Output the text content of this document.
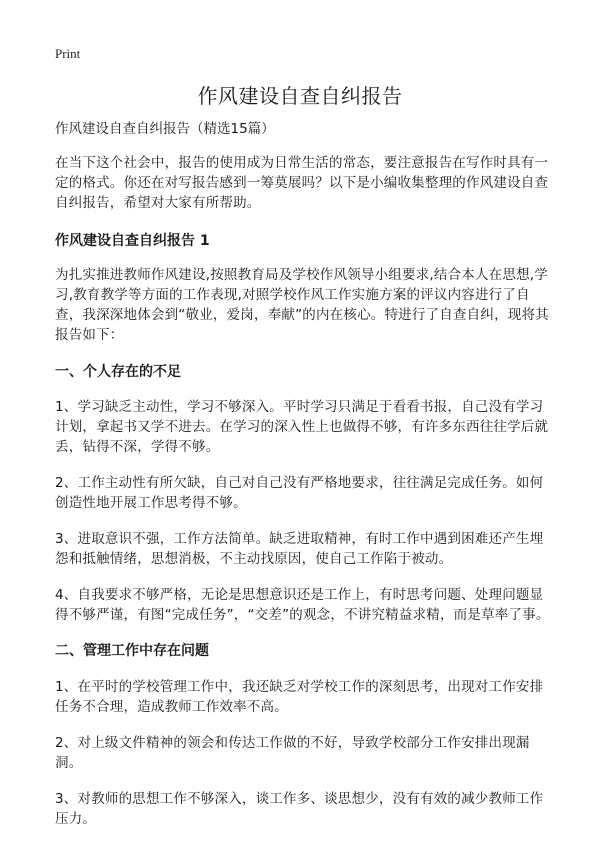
Print
作风建设自查自纠报告

作风建设自查自纠报告（精选15篇）

在当下这个社会中，报告的使用成为日常生活的常态，要注意报告在写作时具有一定的格式。你还在对写报告感到一筹莫展吗？以下是小编收集整理的作风建设自查自纠报告，希望对大家有所帮助。

作风建设自查自纠报告 1

为扎实推进教师作风建设,按照教育局及学校作风领导小组要求,结合本人在思想,学习,教育教学等方面的工作表现,对照学校作风工作实施方案的评议内容进行了自查，我深深地体会到“敬业，爱岗，奉献”的内在核心。特进行了自查自纠，现将其报告如下：

一、个人存在的不足

1、学习缺乏主动性，学习不够深入。平时学习只满足于看看书报，自己没有学习计划，拿起书又学不进去。在学习的深入性上也做得不够，有许多东西往往学后就丢，钻得不深，学得不够。

2、工作主动性有所欠缺，自己对自己没有严格地要求，往往满足完成任务。如何创造性地开展工作思考得不够。

3、进取意识不强，工作方法简单。缺乏进取精神，有时工作中遇到困难还产生埋怨和抵触情绪，思想消极，不主动找原因，使自己工作陷于被动。

4、自我要求不够严格，无论是思想意识还是工作上，有时思考问题、处理问题显得不够严谨，有图“完成任务”，“交差”的观念，不讲究精益求精，而是草率了事。

二、管理工作中存在问题

1、在平时的学校管理工作中，我还缺乏对学校工作的深刻思考，出现对工作安排任务不合理，造成教师工作效率不高。

2、对上级文件精神的领会和传达工作做的不好，导致学校部分工作安排出现漏洞。

3、对教师的思想工作不够深入，谈工作多、谈思想少，没有有效的减少教师工作压力。
